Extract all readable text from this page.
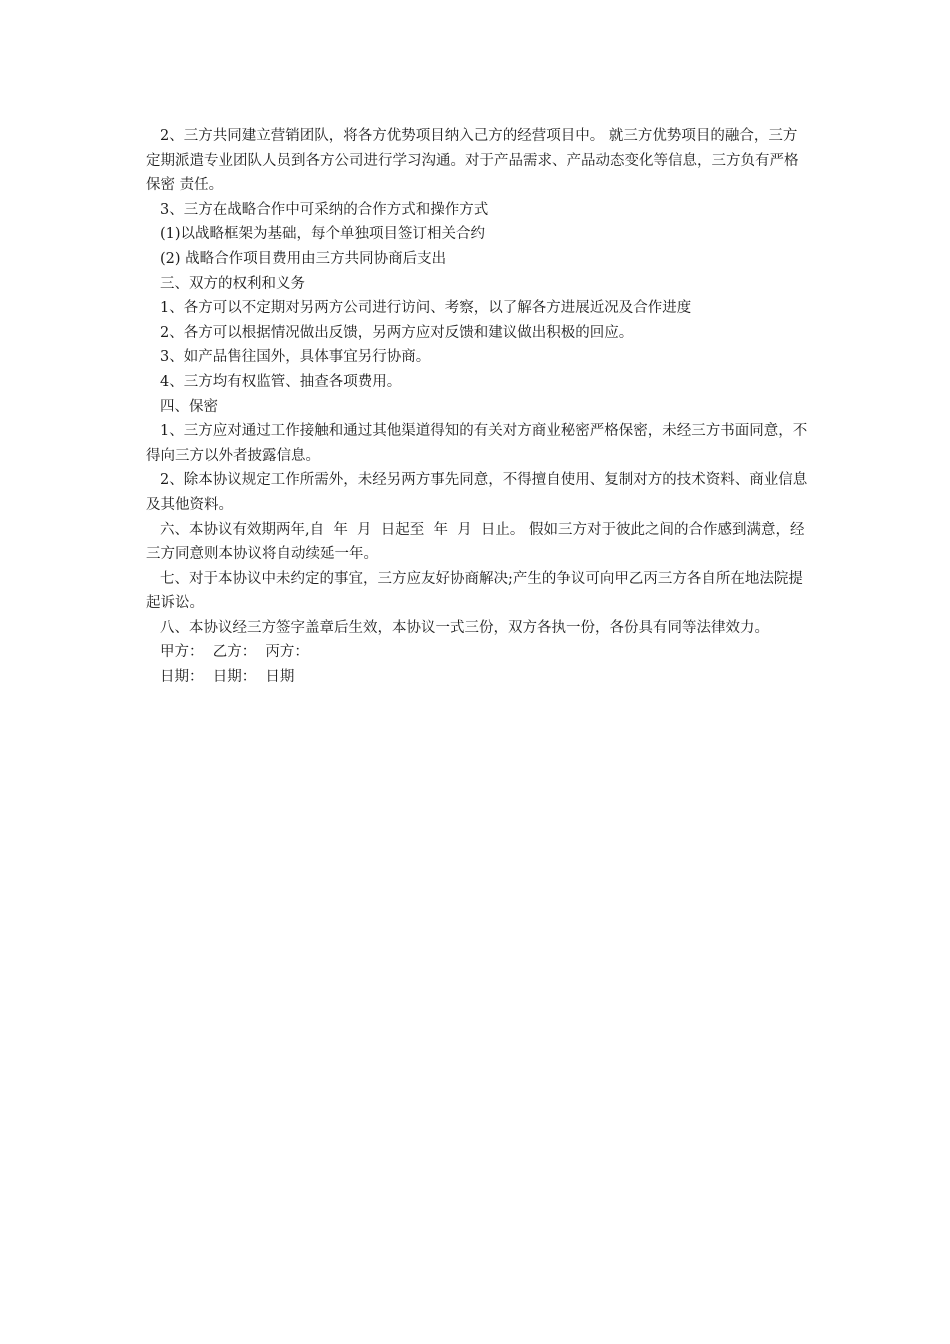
2、三方共同建立营销团队，将各方优势项目纳入己方的经营项目中。 就三方优势项目的融合，三方定期派遣专业团队人员到各方公司进行学习沟通。对于产品需求、产品动态变化等信息，三方负有严格保密 责任。

3、三方在战略合作中可采纳的合作方式和操作方式

(1)以战略框架为基础，每个单独项目签订相关合约

(2) 战略合作项目费用由三方共同协商后支出

三、双方的权利和义务

1、各方可以不定期对另两方公司进行访问、考察，以了解各方进展近况及合作进度

2、各方可以根据情况做出反馈，另两方应对反馈和建议做出积极的回应。

3、如产品售往国外，具体事宜另行协商。

4、三方均有权监管、抽查各项费用。

四、保密

1、三方应对通过工作接触和通过其他渠道得知的有关对方商业秘密严格保密，未经三方书面同意，不得向三方以外者披露信息。

2、除本协议规定工作所需外，未经另两方事先同意，不得擅自使用、复制对方的技术资料、商业信息及其他资料。

六、本协议有效期两年,自  年  月  日起至  年  月  日止。 假如三方对于彼此之间的合作感到满意，经三方同意则本协议将自动续延一年。

七、对于本协议中未约定的事宜，三方应友好协商解决;产生的争议可向甲乙丙三方各自所在地法院提起诉讼。

八、本协议经三方签字盖章后生效，本协议一式三份，双方各执一份，各份具有同等法律效力。

甲方：  乙方：  丙方：

日期：  日期：  日期
